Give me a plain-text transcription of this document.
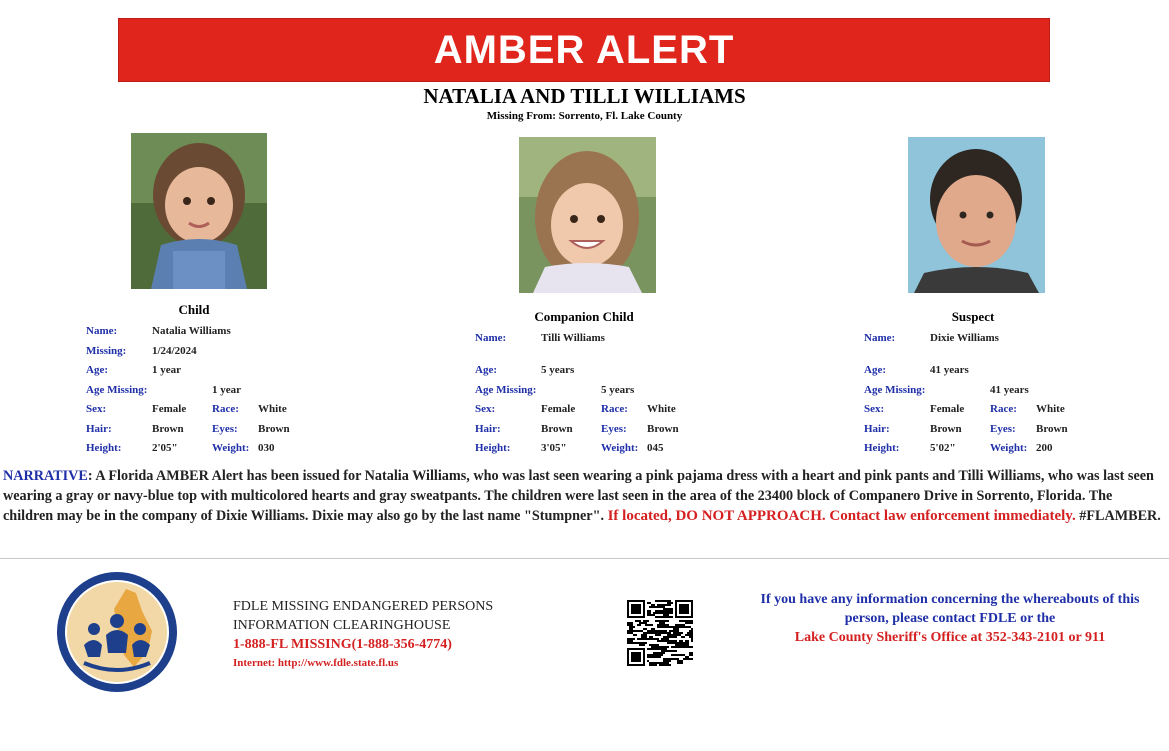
AMBER ALERT
NATALIA AND TILLI WILLIAMS
Missing From: Sorrento, Fl. Lake County
Child	Companion Child	Suspect
Name:	Natalia Williams
Missing: 1/24/2024
Age:	1 year
Age Missing:	1 year
Sex:	Female Race: White
Hair:	Brown	Eyes: Brown
Height:	2'05"	Weight: 030
Name:	Tilli Williams
Age:	5 years
Age Missing:	5 years
Sex:	Female Race: White
Hair:	Brown	Eyes: Brown
Height:	3'05"	Weight: 045
Name:	Dixie Williams
Age:	41 years
Age Missing:	41 years
Sex:	Female Race: White
Hair:	Brown	Eyes: Brown
Height:	5'02"	Weight: 200
NARRATIVE: A Florida AMBER Alert has been issued for Natalia Williams, who was last seen wearing a pink pajama dress with a heart and pink pants and Tilli Williams, who was last seen wearing a gray or navy-blue top with multicolored hearts and gray sweatpants. The children were last seen in the area of the 23400 block of Companero Drive in Sorrento, Florida. The children may be in the company of Dixie Williams. Dixie may also go by the last name "Stumpner". If located, DO NOT APPROACH. Contact law enforcement immediately. #FLAMBER.
FDLE MISSING ENDANGERED PERSONS
INFORMATION CLEARINGHOUSE
1-888-FL MISSING(1-888-356-4774)
Internet: http://www.fdle.state.fl.us
If you have any information concerning the whereabouts of this
person, please contact FDLE or the
Lake County Sheriff's Office at 352-343-2101 or 911
